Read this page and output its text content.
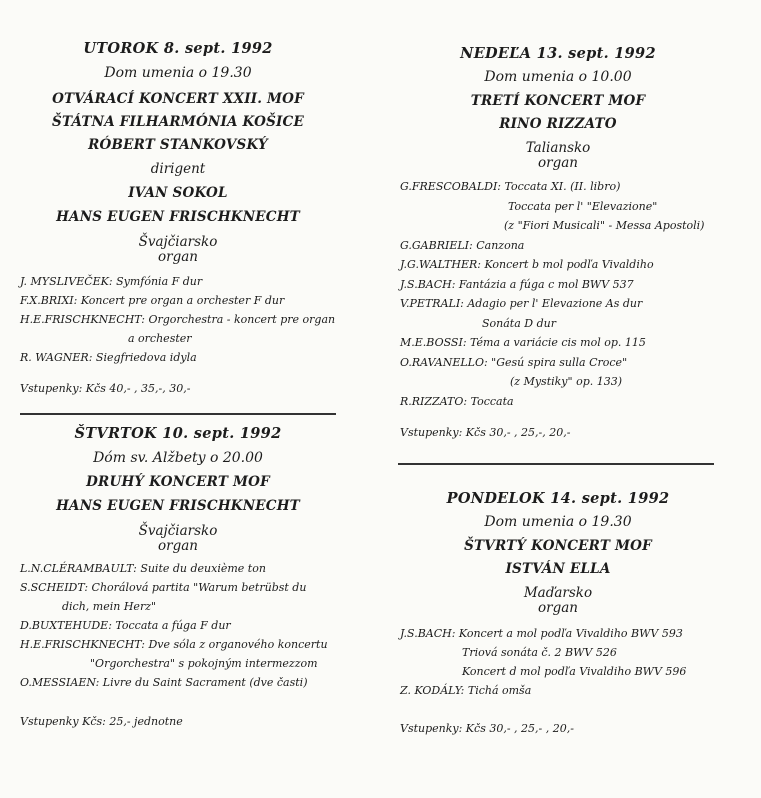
UTOROK 8. sept. 1992
Dom umenia o 19.30
OTVÁRACÍ KONCERT XXII. MOF
ŠTÁTNA FILHARMÓNIA KOŠICE
RÓBERT STANKOVSKÝ
dirigent
IVAN SOKOL
HANS EUGEN FRISCHKNECHT
Švajčiarsko
organ
J. MYSLIVEČEK: Symfónia F dur
F.X.BRIXI: Koncert pre organ a orchester F dur
H.E.FRISCHKNECHT: Orgorchestra - koncert pre organ
a orchester
R. WAGNER: Siegfriedova idyla
Vstupenky: Kčs 40,- , 35,-, 30,-
ŠTVRTOK 10. sept. 1992
Dóm sv. Alžbety o 20.00
DRUHÝ KONCERT MOF
HANS EUGEN FRISCHKNECHT
Švajčiarsko
organ
L.N.CLÉRAMBAULT: Suite du deuxième ton
S.SCHEIDT: Chorálová partita "Warum betrübst du
dich, mein Herz"
D.BUXTEHUDE: Toccata a fúga F dur
H.E.FRISCHKNECHT: Dve sóla z organového koncertu
"Orgorchestra" s pokojným intermezzom
O.MESSIAEN: Livre du Saint Sacrament (dve časti)
Vstupenky Kčs: 25,- jednotne
NEDEĽA 13. sept. 1992
Dom umenia o 10.00
TRETÍ KONCERT MOF
RINO RIZZATO
Taliansko
organ
G.FRESCOBALDI: Toccata XI. (II. libro)
Toccata per l' "Elevazione"
(z "Fiori Musicali" - Messa Apostoli)
G.GABRIELI: Canzona
J.G.WALTHER: Koncert b mol podľa Vivaldiho
J.S.BACH: Fantázia a fúga c mol BWV 537
V.PETRALI: Adagio per l' Elevazione As dur
Sonáta D dur
M.E.BOSSI: Téma a variácie cis mol op. 115
O.RAVANELLO: "Gesú spira sulla Croce"
(z Mystiky" op. 133)
R.RIZZATO: Toccata
Vstupenky: Kčs 30,- , 25,-, 20,-
PONDELOK 14. sept. 1992
Dom umenia o 19.30
ŠTVRTÝ KONCERT MOF
ISTVÁN ELLA
Maďarsko
organ
J.S.BACH: Koncert a mol podľa Vivaldiho BWV 593
Triová sonáta č. 2 BWV 526
Koncert d mol podľa Vivaldiho BWV 596
Z. KODÁLY: Tichá omša
Vstupenky: Kčs 30,- , 25,- , 20,-
